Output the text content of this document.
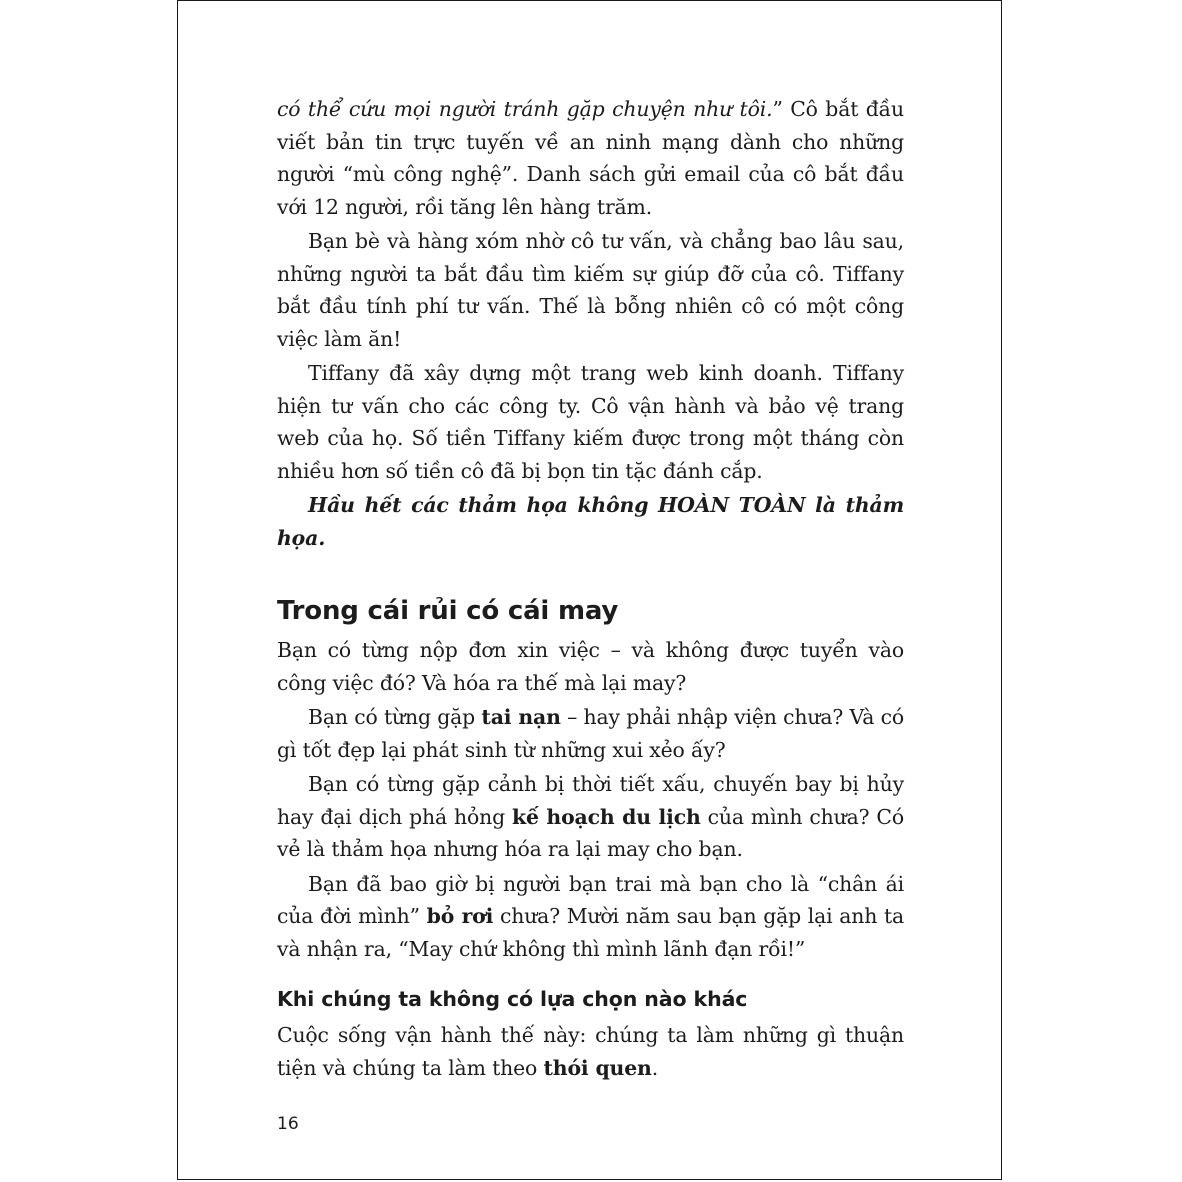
có thể cứu mọi người tránh gặp chuyện như tôi.” Cô bắt đầu viết bản tin trực tuyến về an ninh mạng dành cho những người “mù công nghệ”. Danh sách gửi email của cô bắt đầu với 12 người, rồi tăng lên hàng trăm.

Bạn bè và hàng xóm nhờ cô tư vấn, và chẳng bao lâu sau, những người ta bắt đầu tìm kiếm sự giúp đỡ của cô. Tiffany bắt đầu tính phí tư vấn. Thế là bỗng nhiên cô có một công việc làm ăn!

Tiffany đã xây dựng một trang web kinh doanh. Tiffany hiện tư vấn cho các công ty. Cô vận hành và bảo vệ trang web của họ. Số tiền Tiffany kiếm được trong một tháng còn nhiều hơn số tiền cô đã bị bọn tin tặc đánh cắp.

Hầu hết các thảm họa không HOÀN TOÀN là thảm họa.

Trong cái rủi có cái may

Bạn có từng nộp đơn xin việc – và không được tuyển vào công việc đó? Và hóa ra thế mà lại may?

Bạn có từng gặp tai nạn – hay phải nhập viện chưa? Và có gì tốt đẹp lại phát sinh từ những xui xẻo ấy?

Bạn có từng gặp cảnh bị thời tiết xấu, chuyến bay bị hủy hay đại dịch phá hỏng kế hoạch du lịch của mình chưa? Có vẻ là thảm họa nhưng hóa ra lại may cho bạn.

Bạn đã bao giờ bị người bạn trai mà bạn cho là “chân ái của đời mình” bỏ rơi chưa? Mười năm sau bạn gặp lại anh ta và nhận ra, “May chứ không thì mình lãnh đạn rồi!”

Khi chúng ta không có lựa chọn nào khác

Cuộc sống vận hành thế này: chúng ta làm những gì thuận tiện và chúng ta làm theo thói quen.

16
